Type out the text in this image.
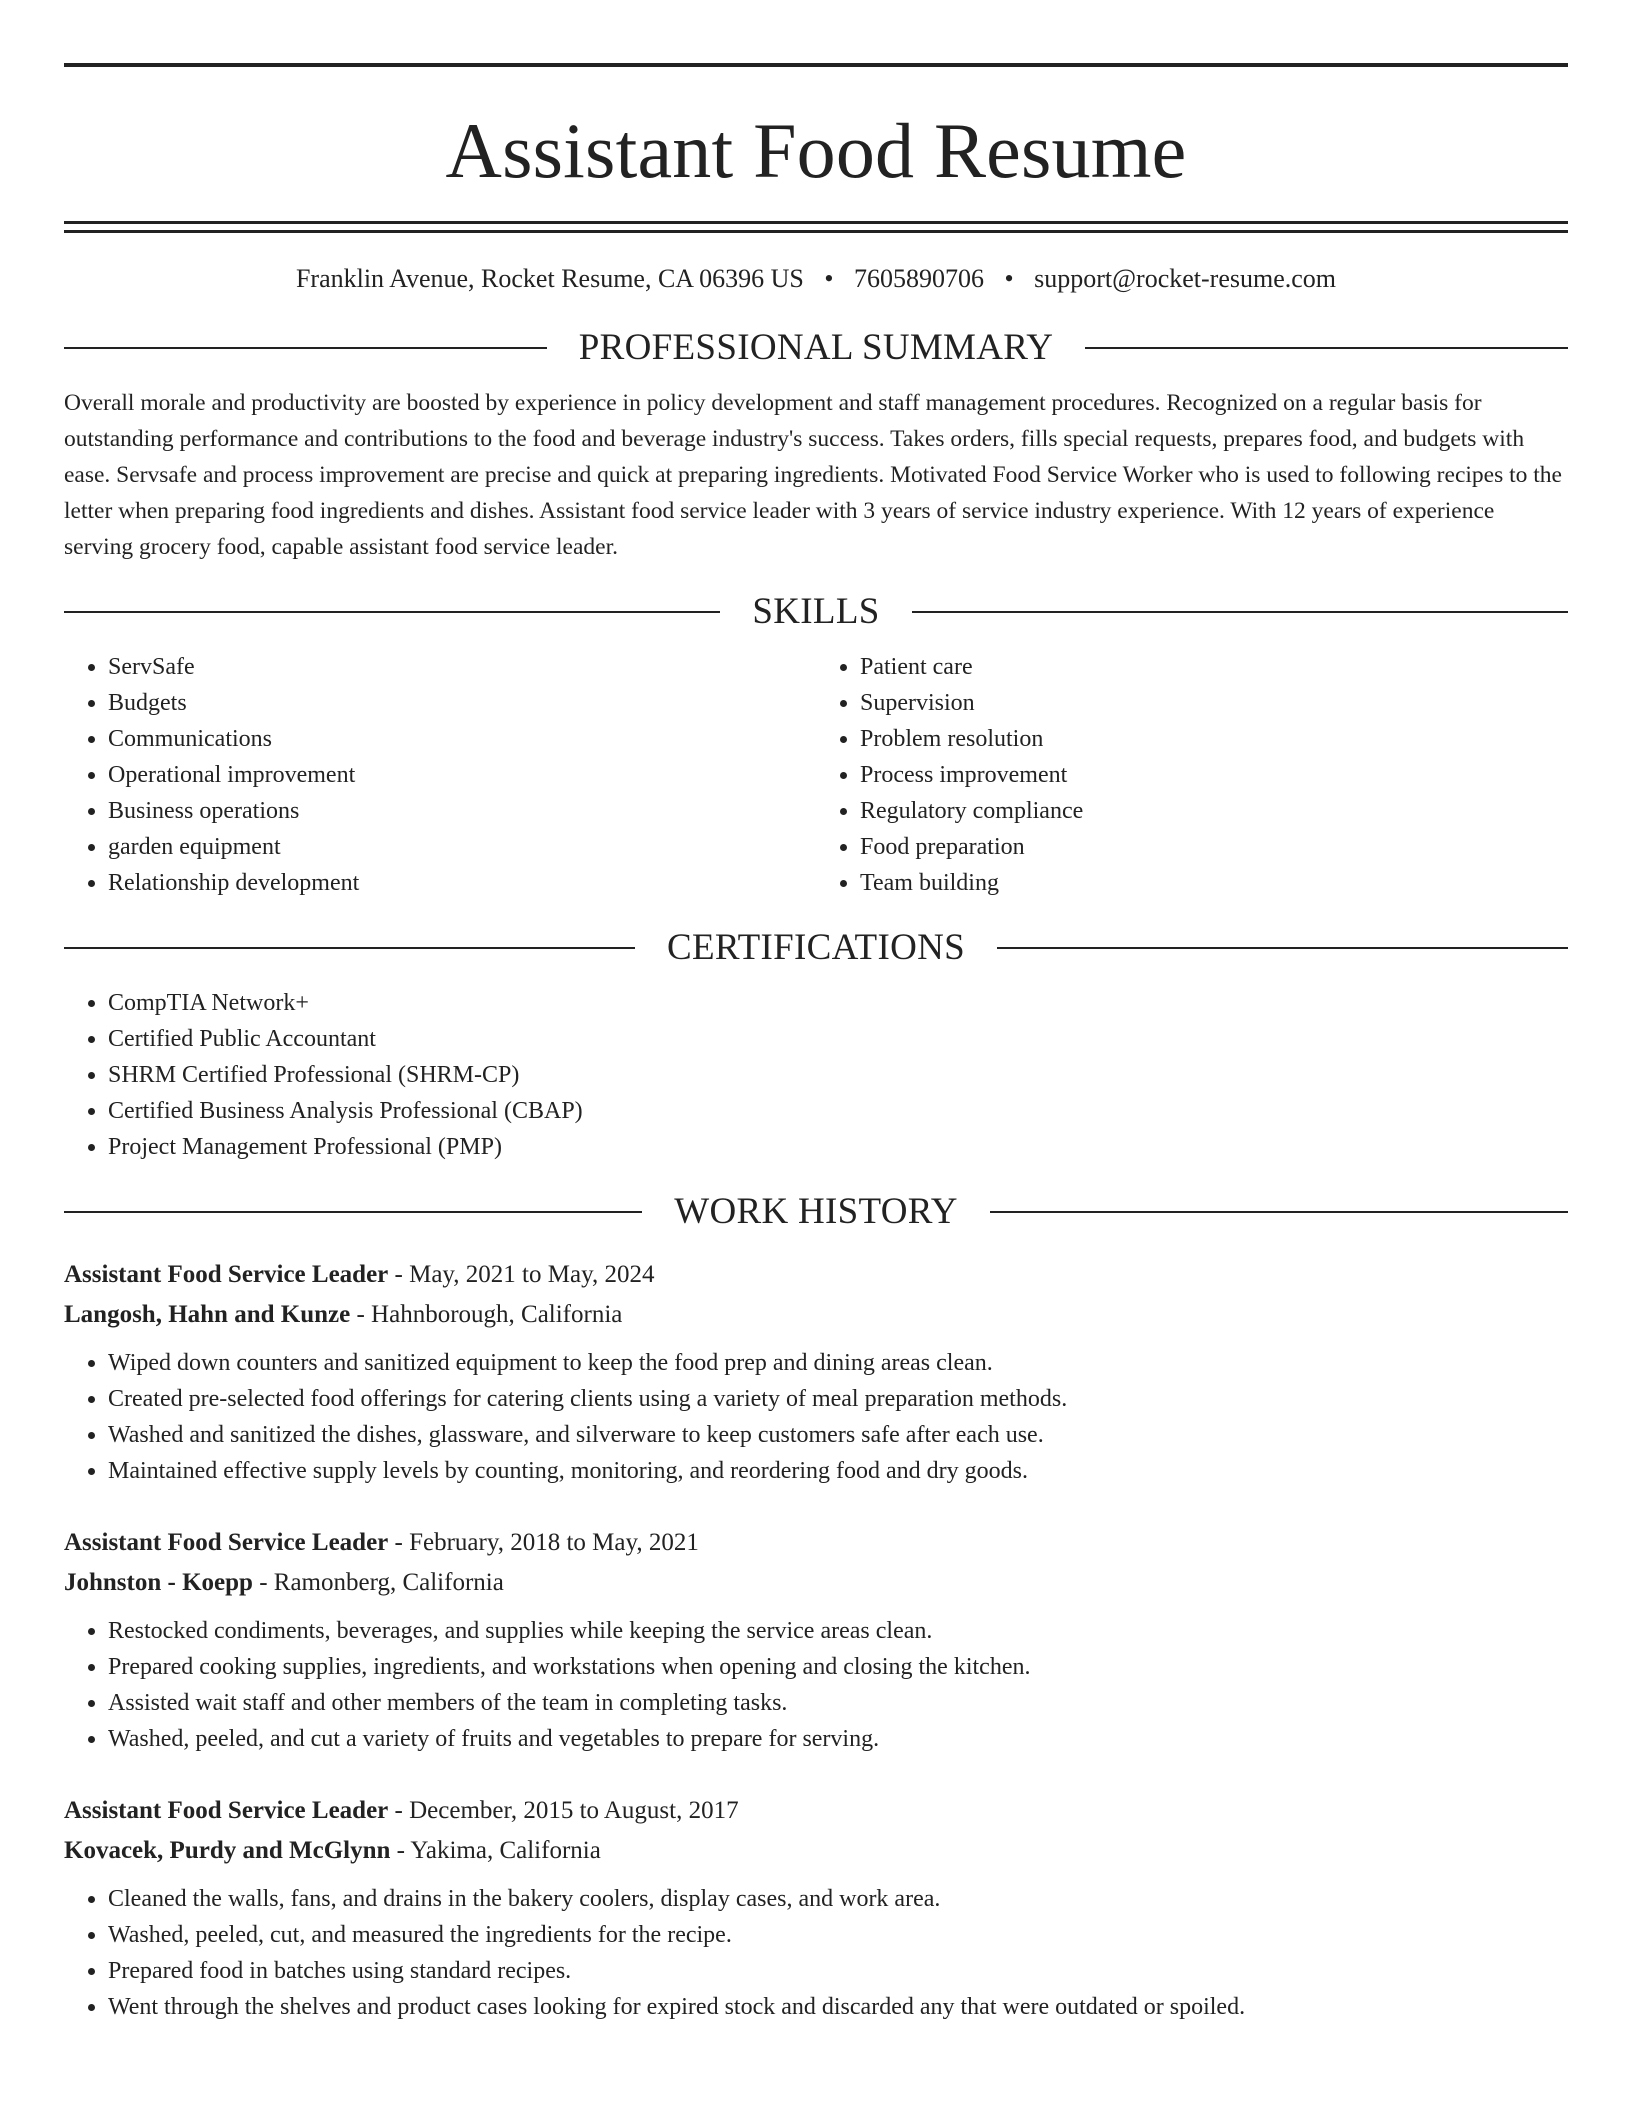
Assistant Food Resume
Franklin Avenue, Rocket Resume, CA 06396 US • 7605890706 • support@rocket-resume.com
PROFESSIONAL SUMMARY

Overall morale and productivity are boosted by experience in policy development and staff management procedures. Recognized on a regular basis for outstanding performance and contributions to the food and beverage industry's success. Takes orders, fills special requests, prepares food, and budgets with ease. Servsafe and process improvement are precise and quick at preparing ingredients. Motivated Food Service Worker who is used to following recipes to the letter when preparing food ingredients and dishes. Assistant food service leader with 3 years of service industry experience. With 12 years of experience serving grocery food, capable assistant food service leader.

SKILLS
• ServSafe
• Budgets
• Communications
• Operational improvement
• Business operations
• garden equipment
• Relationship development
• Patient care
• Supervision
• Problem resolution
• Process improvement
• Regulatory compliance
• Food preparation
• Team building
CERTIFICATIONS
• CompTIA Network+
• Certified Public Accountant
• SHRM Certified Professional (SHRM-CP)
• Certified Business Analysis Professional (CBAP)
• Project Management Professional (PMP)
WORK HISTORY
Assistant Food Service Leader - May, 2021 to May, 2024
Langosh, Hahn and Kunze - Hahnborough, California
• Wiped down counters and sanitized equipment to keep the food prep and dining areas clean.
• Created pre-selected food offerings for catering clients using a variety of meal preparation methods.
• Washed and sanitized the dishes, glassware, and silverware to keep customers safe after each use.
• Maintained effective supply levels by counting, monitoring, and reordering food and dry goods.
Assistant Food Service Leader - February, 2018 to May, 2021
Johnston - Koepp - Ramonberg, California
• Restocked condiments, beverages, and supplies while keeping the service areas clean.
• Prepared cooking supplies, ingredients, and workstations when opening and closing the kitchen.
• Assisted wait staff and other members of the team in completing tasks.
• Washed, peeled, and cut a variety of fruits and vegetables to prepare for serving.
Assistant Food Service Leader - December, 2015 to August, 2017
Kovacek, Purdy and McGlynn - Yakima, California
• Cleaned the walls, fans, and drains in the bakery coolers, display cases, and work area.
• Washed, peeled, cut, and measured the ingredients for the recipe.
• Prepared food in batches using standard recipes.
• Went through the shelves and product cases looking for expired stock and discarded any that were outdated or spoiled.
